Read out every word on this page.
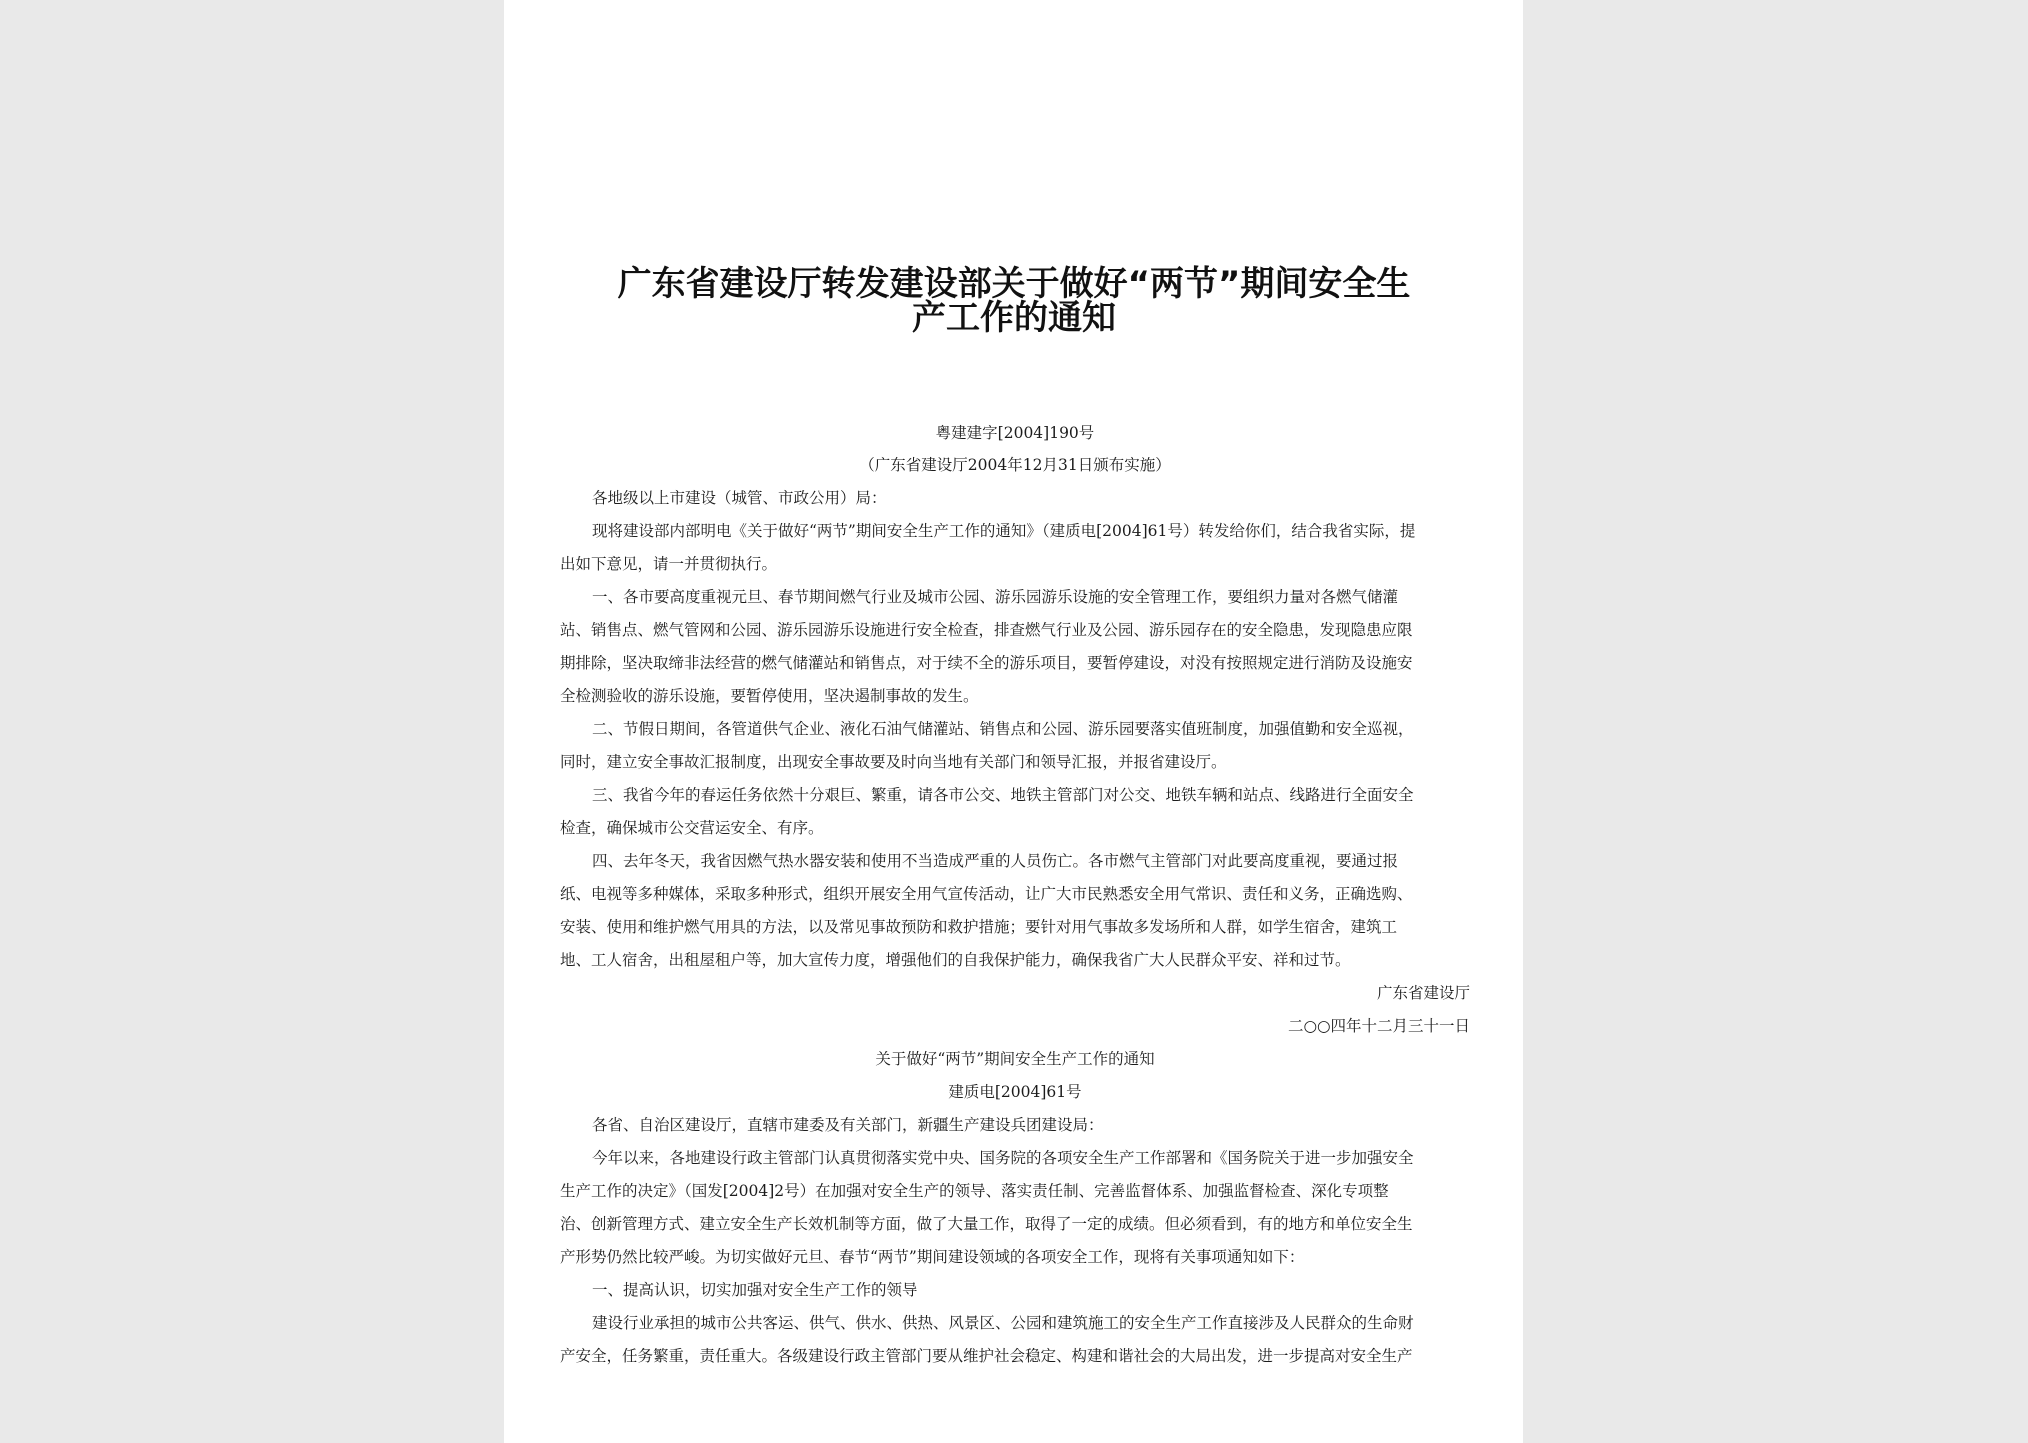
广东省建设厅转发建设部关于做好“两节”期间安全生
产工作的通知
粤建建字[2004]190号
（广东省建设厅2004年12月31日颁布实施）
各地级以上市建设（城管、市政公用）局：
现将建设部内部明电《关于做好“两节”期间安全生产工作的通知》（建质电[2004]61号）转发给你们，结合我省实际，提
出如下意见，请一并贯彻执行。
一、各市要高度重视元旦、春节期间燃气行业及城市公园、游乐园游乐设施的安全管理工作，要组织力量对各燃气储灌
站、销售点、燃气管网和公园、游乐园游乐设施进行安全检查，排查燃气行业及公园、游乐园存在的安全隐患，发现隐患应限
期排除，坚决取缔非法经营的燃气储灌站和销售点，对于续不全的游乐项目，要暂停建设，对没有按照规定进行消防及设施安
全检测验收的游乐设施，要暂停使用，坚决遏制事故的发生。
二、节假日期间，各管道供气企业、液化石油气储灌站、销售点和公园、游乐园要落实值班制度，加强值勤和安全巡视，
同时，建立安全事故汇报制度，出现安全事故要及时向当地有关部门和领导汇报，并报省建设厅。
三、我省今年的春运任务依然十分艰巨、繁重，请各市公交、地铁主管部门对公交、地铁车辆和站点、线路进行全面安全
检查，确保城市公交营运安全、有序。
四、去年冬天，我省因燃气热水器安装和使用不当造成严重的人员伤亡。各市燃气主管部门对此要高度重视，要通过报
纸、电视等多种媒体，采取多种形式，组织开展安全用气宣传活动，让广大市民熟悉安全用气常识、责任和义务，正确选购、
安装、使用和维护燃气用具的方法，以及常见事故预防和救护措施；要针对用气事故多发场所和人群，如学生宿舍，建筑工
地、工人宿舍，出租屋租户等，加大宣传力度，增强他们的自我保护能力，确保我省广大人民群众平安、祥和过节。
广东省建设厅
二○○四年十二月三十一日
关于做好“两节”期间安全生产工作的通知
建质电[2004]61号
各省、自治区建设厅，直辖市建委及有关部门，新疆生产建设兵团建设局：
今年以来，各地建设行政主管部门认真贯彻落实党中央、国务院的各项安全生产工作部署和《国务院关于进一步加强安全
生产工作的决定》（国发[2004]2号）在加强对安全生产的领导、落实责任制、完善监督体系、加强监督检查、深化专项整
治、创新管理方式、建立安全生产长效机制等方面，做了大量工作，取得了一定的成绩。但必须看到，有的地方和单位安全生
产形势仍然比较严峻。为切实做好元旦、春节“两节”期间建设领域的各项安全工作，现将有关事项通知如下：
一、提高认识，切实加强对安全生产工作的领导
建设行业承担的城市公共客运、供气、供水、供热、风景区、公园和建筑施工的安全生产工作直接涉及人民群众的生命财
产安全，任务繁重，责任重大。各级建设行政主管部门要从维护社会稳定、构建和谐社会的大局出发，进一步提高对安全生产
